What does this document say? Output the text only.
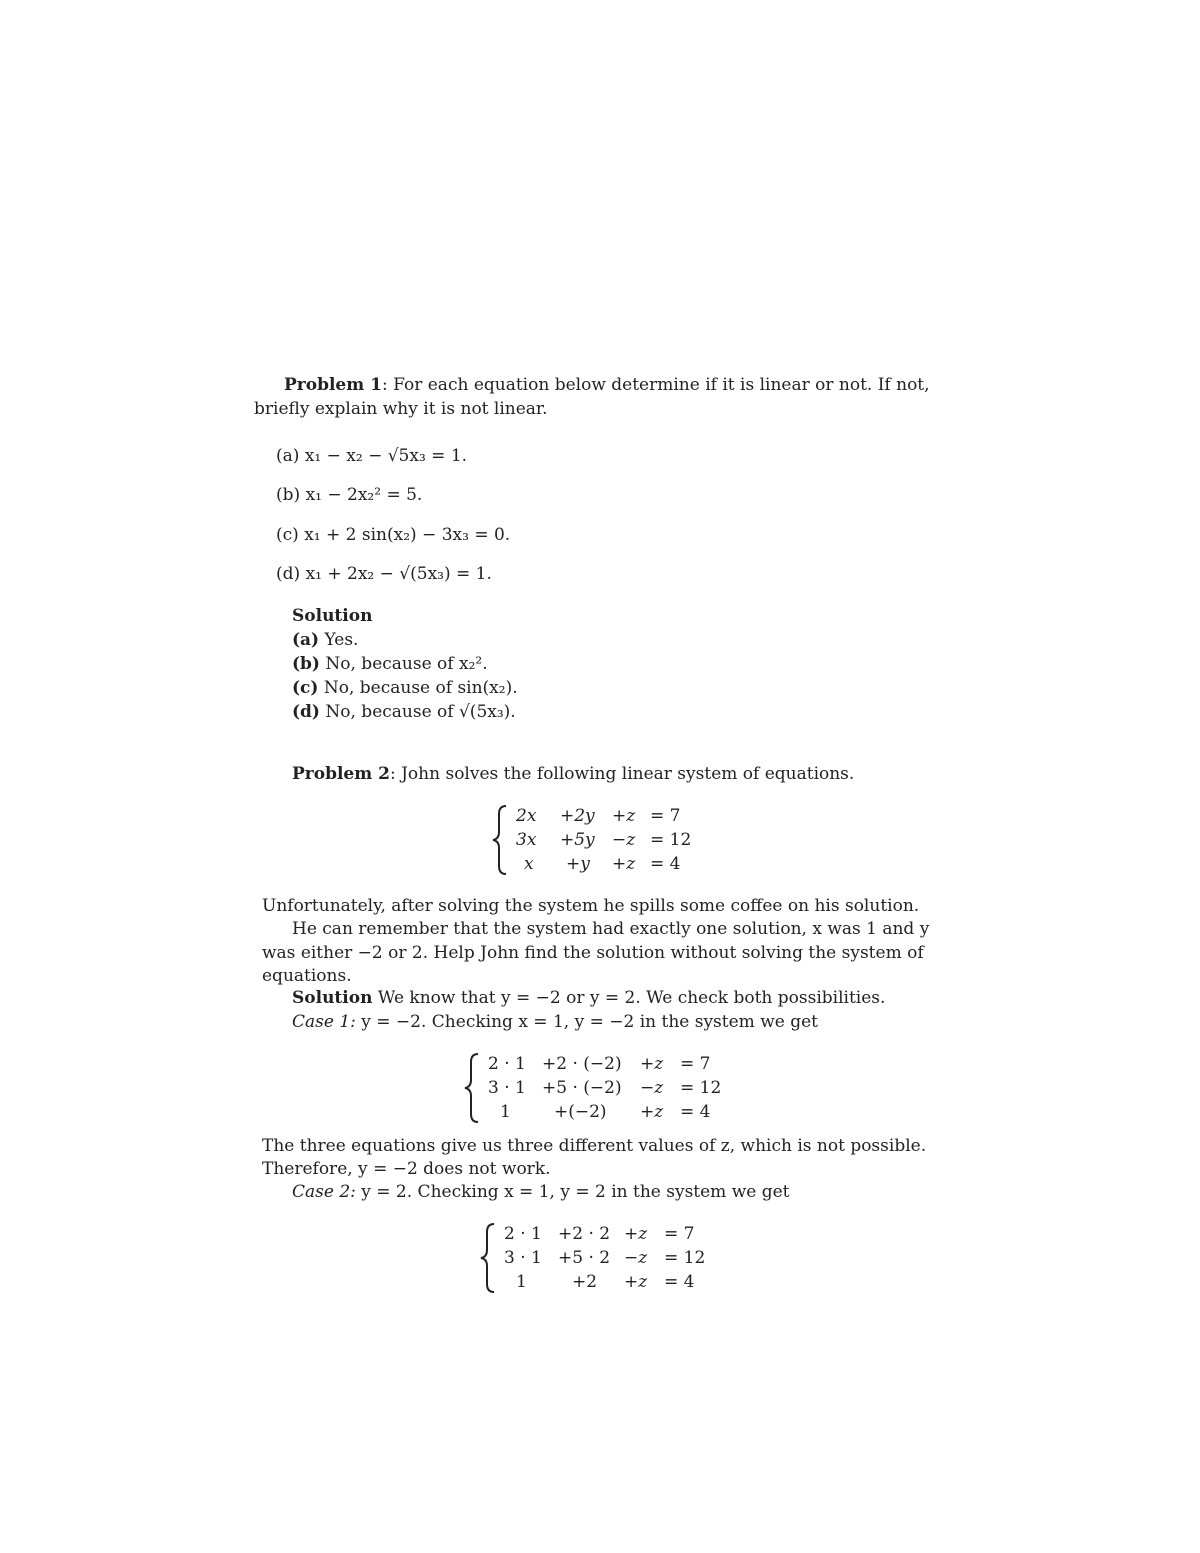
Problem 1: For each equation below determine if it is linear or not. If not,
briefly explain why it is not linear.
(a) x₁ − x₂ − √5x₃ = 1.
(b) x₁ − 2x₂² = 5.
(c) x₁ + 2 sin(x₂) − 3x₃ = 0.
(d) x₁ + 2x₂ − √(5x₃) = 1.
Solution
(a) Yes.
(b) No, because of x₂².
(c) No, because of sin(x₂).
(d) No, because of √(5x₃).
Problem 2: John solves the following linear system of equations.
2x +2y +z = 7
3x +5y −z = 12
x +y +z = 4
Unfortunately, after solving the system he spills some coffee on his solution.
He can remember that the system had exactly one solution, x was 1 and y
was either −2 or 2. Help John find the solution without solving the system of
equations.
Solution We know that y = −2 or y = 2. We check both possibilities.
Case 1: y = −2. Checking x = 1, y = −2 in the system we get
2 · 1 +2 · (−2) +z = 7
3 · 1 +5 · (−2) −z = 12
1	+(−2) +z = 4
The three equations give us three different values of z, which is not possible.
Therefore, y = −2 does not work.
Case 2: y = 2. Checking x = 1, y = 2 in the system we get
2 · 1 +2 · 2 +z = 7
3 · 1 +5 · 2 −z = 12
1	+2 +z = 4
